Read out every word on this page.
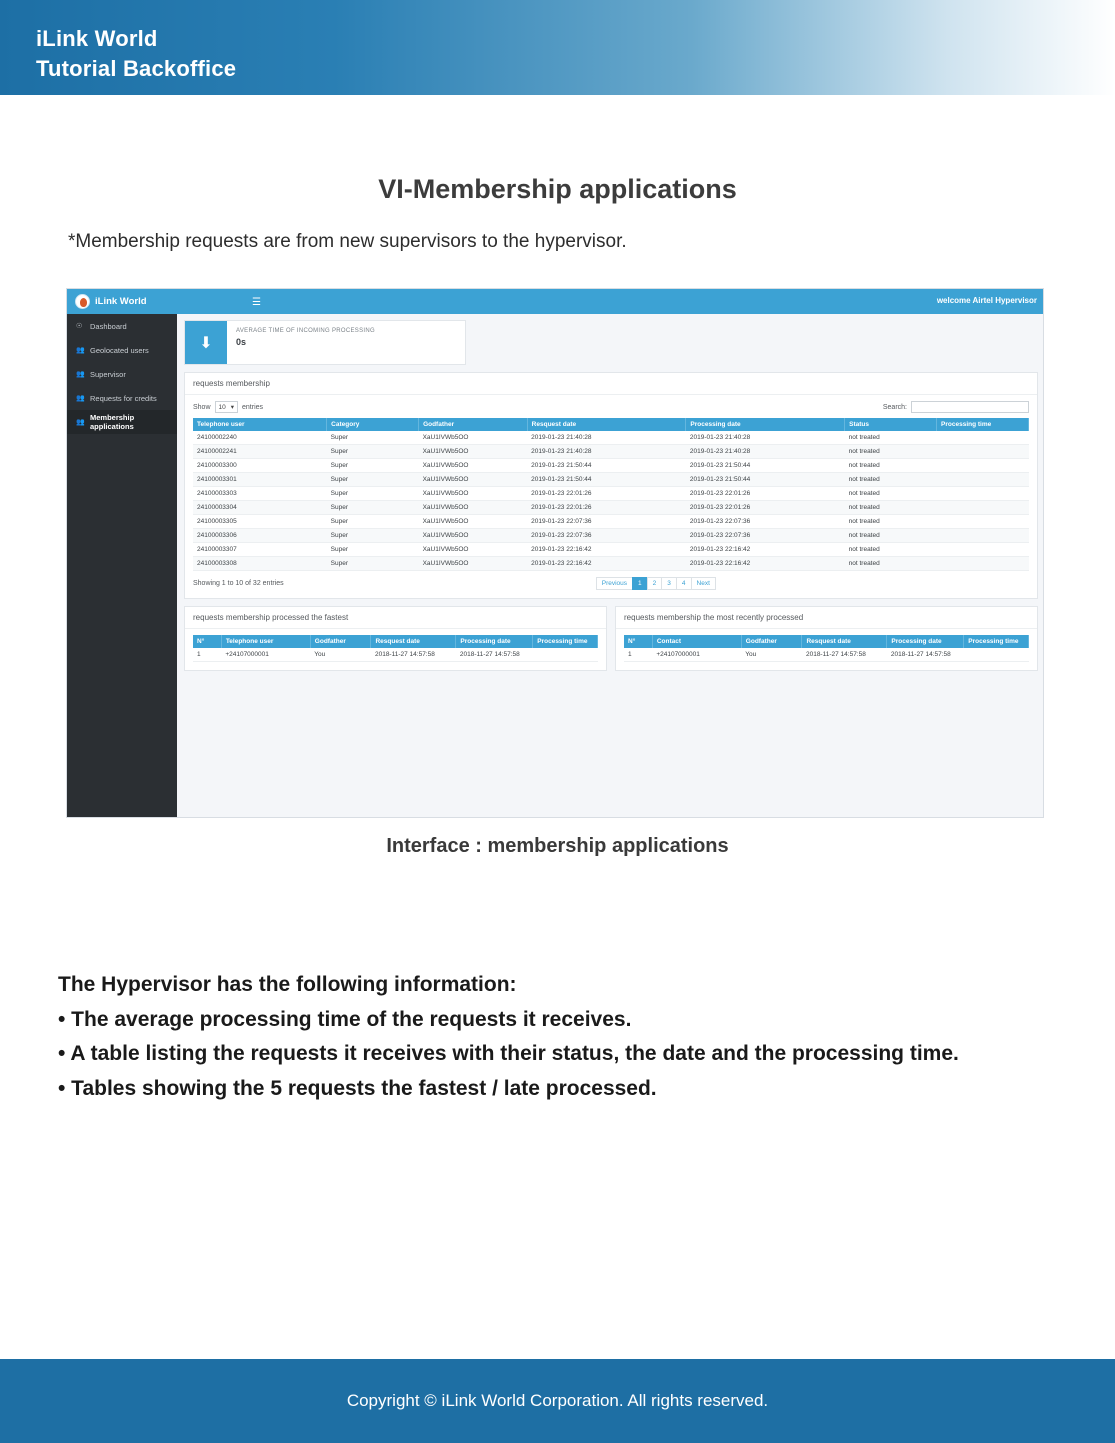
iLink World
Tutorial Backoffice
VI-Membership applications
*Membership requests are from new supervisors to the hypervisor.
iLink World	☰	welcome Airtel Hypervisor
☉ Dashboard
👥 Geolocated users
👥 Supervisor
👥 Requests for credits
👥
Membership applications
⬇
AVERAGE TIME OF INCOMING PROCESSING
0s
requests membership
Show 10 ▾ entries	Search:
Telephone user	Category	Godfather	Resquest date	Processing date	Status	Processing time
24100002240	Super	XaU1IVWb5OO	2019-01-23 21:40:28	2019-01-23 21:40:28	not treated	
24100002241	Super	XaU1IVWb5OO	2019-01-23 21:40:28	2019-01-23 21:40:28	not treated	
24100003300	Super	XaU1IVWb5OO	2019-01-23 21:50:44	2019-01-23 21:50:44	not treated	
24100003301	Super	XaU1IVWb5OO	2019-01-23 21:50:44	2019-01-23 21:50:44	not treated	
24100003303	Super	XaU1IVWb5OO	2019-01-23 22:01:26	2019-01-23 22:01:26	not treated	
24100003304	Super	XaU1IVWb5OO	2019-01-23 22:01:26	2019-01-23 22:01:26	not treated	
24100003305	Super	XaU1IVWb5OO	2019-01-23 22:07:36	2019-01-23 22:07:36	not treated	
24100003306	Super	XaU1IVWb5OO	2019-01-23 22:07:36	2019-01-23 22:07:36	not treated	
24100003307	Super	XaU1IVWb5OO	2019-01-23 22:16:42	2019-01-23 22:16:42	not treated	
24100003308	Super	XaU1IVWb5OO	2019-01-23 22:16:42	2019-01-23 22:16:42	not treated	
Showing 1 to 10 of 32 entries	Previous	1	2	3	4	Next
requests membership processed the fastest
N°	Telephone user	Godfather	Resquest date	Processing date	Processing time
1	+24107000001	You	2018-11-27 14:57:58	2018-11-27 14:57:58	
requests membership the most recently processed
N°	Contact	Godfather	Resquest date	Processing date	Processing time
1	+24107000001	You	2018-11-27 14:57:58	2018-11-27 14:57:58	
Interface : membership applications
The Hypervisor has the following information:
• The average processing time of the requests it receives.
• A table listing the requests it receives with their status, the date and the processing time.
• Tables showing the 5 requests the fastest / late processed.
Copyright © iLink World Corporation. All rights reserved.
